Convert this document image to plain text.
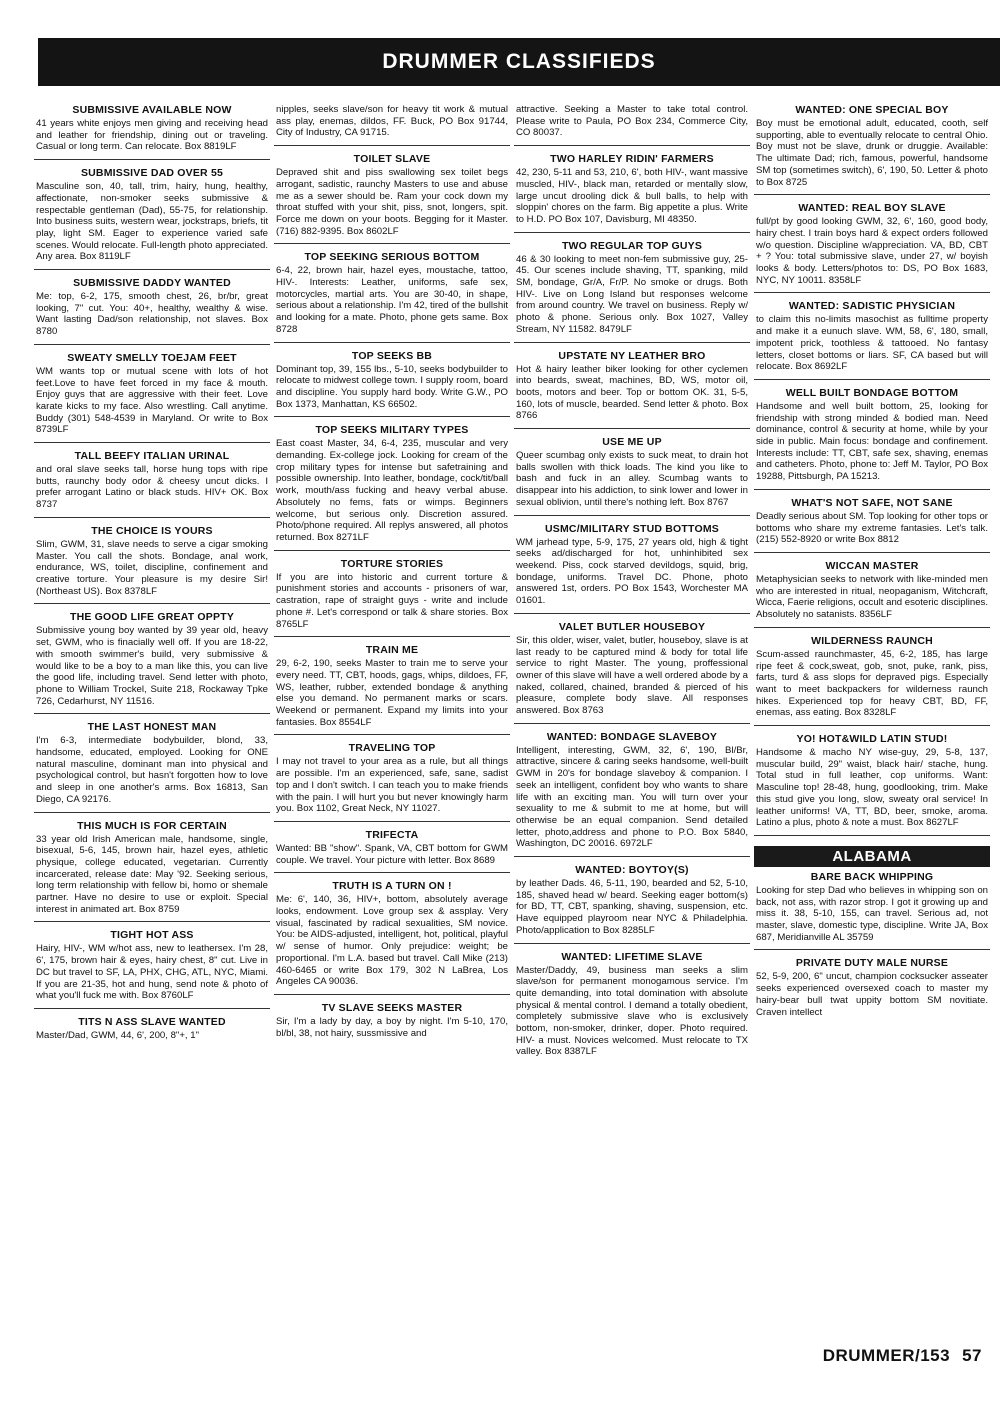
DRUMMER CLASSIFIEDS
SUBMISSIVE AVAILABLE NOW

41 years white enjoys men giving and receiving head and leather for friendship, dining out or traveling. Casual or long term. Can relocate. Box 8819LF

SUBMISSIVE DAD OVER 55

Masculine son, 40, tall, trim, hairy, hung, healthy, affectionate, non-smoker seeks submissive & respectable gentleman (Dad), 55-75, for relationship. Into business suits, western wear, jockstraps, briefs, tit play, light SM. Eager to experience varied safe scenes. Would relocate. Full-length photo appreciated. Any area. Box 8119LF

SUBMISSIVE DADDY WANTED

Me: top, 6-2, 175, smooth chest, 26, br/br, great looking, 7" cut. You: 40+, healthy, wealthy & wise. Want lasting Dad/son relationship, not slaves. Box 8780

SWEATY SMELLY TOEJAM FEET

WM wants top or mutual scene with lots of hot feet.Love to have feet forced in my face & mouth. Enjoy guys that are aggressive with their feet. Love karate kicks to my face. Also wrestling. Call anytime. Buddy (301) 548-4539 in Maryland. Or write to Box 8739LF

TALL BEEFY ITALIAN URINAL

and oral slave seeks tall, horse hung tops with ripe butts, raunchy body odor & cheesy uncut dicks. I prefer arrogant Latino or black studs. HIV+ OK. Box 8737

THE CHOICE IS YOURS

Slim, GWM, 31, slave needs to serve a cigar smoking Master. You call the shots. Bondage, anal work, endurance, WS, toilet, discipline, confinement and creative torture. Your pleasure is my desire Sir! (Northeast US). Box 8378LF

THE GOOD LIFE GREAT OPPTY

Submissive young boy wanted by 39 year old, heavy set, GWM, who is finacially well off. If you are 18-22, with smooth swimmer's build, very submissive & would like to be a boy to a man like this, you can live the good life, including travel. Send letter with photo, phone to William Trockel, Suite 218, Rockaway Tpke 726, Cedarhurst, NY 11516.

THE LAST HONEST MAN

I'm 6-3, intermediate bodybuilder, blond, 33, handsome, educated, employed. Looking for ONE natural masculine, dominant man into physical and psychological control, but hasn't forgotten how to love and sleep in one another's arms. Box 16813, San Diego, CA 92176.

THIS MUCH IS FOR CERTAIN

33 year old Irish American male, handsome, single, bisexual, 5-6, 145, brown hair, hazel eyes, athletic physique, college educated, vegetarian. Currently incarcerated, release date: May '92. Seeking serious, long term relationship with fellow bi, homo or shemale partner. Have no desire to use or exploit. Special interest in animated art. Box 8759

TIGHT HOT ASS

Hairy, HIV-, WM w/hot ass, new to leathersex. I'm 28, 6', 175, brown hair & eyes, hairy chest, 8" cut. Live in DC but travel to SF, LA, PHX, CHG, ATL, NYC, Miami. If you are 21-35, hot and hung, send note & photo of what you'll fuck me with. Box 8760LF

TITS N ASS SLAVE WANTED

Master/Dad, GWM, 44, 6', 200, 8"+, 1"

nipples, seeks slave/son for heavy tit work & mutual ass play, enemas, dildos, FF. Buck, PO Box 91744, City of Industry, CA 91715.

TOILET SLAVE

Depraved shit and piss swallowing sex toilet begs arrogant, sadistic, raunchy Masters to use and abuse me as a sewer should be. Ram your cock down my throat stuffed with your shit, piss, snot, longers, spit. Force me down on your boots. Begging for it Master. (716) 882-9395. Box 8602LF

TOP SEEKING SERIOUS BOTTOM

6-4, 22, brown hair, hazel eyes, moustache, tattoo, HIV-. Interests: Leather, uniforms, safe sex, motorcycles, martial arts. You are 30-40, in shape, serious about a relationship. I'm 42, tired of the bullshit and looking for a mate. Photo, phone gets same. Box 8728

TOP SEEKS BB

Dominant top, 39, 155 lbs., 5-10, seeks bodybuilder to relocate to midwest college town. I supply room, board and discipline. You supply hard body. Write G.W., PO Box 1373, Manhattan, KS 66502.

TOP SEEKS MILITARY TYPES

East coast Master, 34, 6-4, 235, muscular and very demanding. Ex-college jock. Looking for cream of the crop military types for intense but safetraining and possible ownership. Into leather, bondage, cock/tit/ball work, mouth/ass fucking and heavy verbal abuse. Absolutely no fems, fats or wimps. Beginners welcome, but serious only. Discretion assured. Photo/phone required. All replys answered, all photos returned. Box 8271LF

TORTURE STORIES

If you are into historic and current torture & punishment stories and accounts - prisoners of war, castration, rape of straight guys - write and include phone #. Let's correspond or talk & share stories. Box 8765LF

TRAIN ME

29, 6-2, 190, seeks Master to train me to serve your every need. TT, CBT, hoods, gags, whips, dildoes, FF, WS, leather, rubber, extended bondage & anything else you demand. No permanent marks or scars. Weekend or permanent. Expand my limits into your fantasies. Box 8554LF

TRAVELING TOP

I may not travel to your area as a rule, but all things are possible. I'm an experienced, safe, sane, sadist top and I don't switch. I can teach you to make friends with the pain. I will hurt you but never knowingly harm you. Box 1102, Great Neck, NY 11027.

TRIFECTA

Wanted: BB "show". Spank, VA, CBT bottom for GWM couple. We travel. Your picture with letter. Box 8689

TRUTH IS A TURN ON !

Me: 6', 140, 36, HIV+, bottom, absolutely average looks, endowment. Love group sex & assplay. Very visual, fascinated by radical sexualities, SM novice. You: be AIDS-adjusted, intelligent, hot, political, playful w/ sense of humor. Only prejudice: weight; be proportional. I'm L.A. based but travel. Call Mike (213) 460-6465 or write Box 179, 302 N LaBrea, Los Angeles CA 90036.

TV SLAVE SEEKS MASTER

Sir, I'm a lady by day, a boy by night. I'm 5-10, 170, bl/bl, 38, not hairy, sussmissive and

attractive. Seeking a Master to take total control. Please write to Paula, PO Box 234, Commerce City, CO 80037.

TWO HARLEY RIDIN' FARMERS

42, 230, 5-11 and 53, 210, 6', both HIV-, want massive muscled, HIV-, black man, retarded or mentally slow, large uncut drooling dick & bull balls, to help with sloppin' chores on the farm. Big appetite a plus. Write to H.D. PO Box 107, Davisburg, MI 48350.

TWO REGULAR TOP GUYS

46 & 30 looking to meet non-fem submissive guy, 25-45. Our scenes include shaving, TT, spanking, mild SM, bondage, Gr/A, Fr/P. No smoke or drugs. Both HIV-. Live on Long Island but responses welcome from around country. We travel on business. Reply w/ photo & phone. Serious only. Box 1027, Valley Stream, NY 11582. 8479LF

UPSTATE NY LEATHER BRO

Hot & hairy leather biker looking for other cyclemen into beards, sweat, machines, BD, WS, motor oil, boots, motors and beer. Top or bottom OK. 31, 5-5, 160, lots of muscle, bearded. Send letter & photo. Box 8766

USE ME UP

Queer scumbag only exists to suck meat, to drain hot balls swollen with thick loads. The kind you like to bash and fuck in an alley. Scumbag wants to disappear into his addiction, to sink lower and lower in sexual oblivion, until there's nothing left. Box 8767

USMC/MILITARY STUD BOTTOMS

WM jarhead type, 5-9, 175, 27 years old, high & tight seeks ad/discharged for hot, unhinhibited sex weekend. Piss, cock starved devildogs, squid, brig, bondage, uniforms. Travel DC. Phone, photo answered 1st, orders. PO Box 1543, Worchester MA 01601.

VALET BUTLER HOUSEBOY

Sir, this older, wiser, valet, butler, houseboy, slave is at last ready to be captured mind & body for total life service to right Master. The young, proffessional owner of this slave will have a well ordered abode by a naked, collared, chained, branded & pierced of his pleasure, complete body slave. All responses answered. Box 8763

WANTED: BONDAGE SLAVEBOY

Intelligent, interesting, GWM, 32, 6', 190, Bl/Br, attractive, sincere & caring seeks handsome, well-built GWM in 20's for bondage slaveboy & companion. I seek an intelligent, confident boy who wants to share life with an exciting man. You will turn over your sexuality to me & submit to me at home, but will otherwise be an equal companion. Send detailed letter, photo,address and phone to P.O. Box 5840, Washington, DC 20016. 6972LF

WANTED: BOYTOY(S)

by leather Dads. 46, 5-11, 190, bearded and 52, 5-10, 185, shaved head w/ beard. Seeking eager bottom(s) for BD, TT, CBT, spanking, shaving, suspension, etc. Have equipped playroom near NYC & Philadelphia. Photo/application to Box 8285LF

WANTED: LIFETIME SLAVE

Master/Daddy, 49, business man seeks a slim slave/son for permanent monogamous service. I'm quite demanding, into total domination with absolute physical & mental control. I demand a totally obedient, completely submissive slave who is exclusively bottom, non-smoker, drinker, doper. Photo required. HIV- a must. Novices welcomed. Must relocate to TX valley. Box 8387LF

WANTED: ONE SPECIAL BOY

Boy must be emotional adult, educated, cooth, self supporting, able to eventually relocate to central Ohio. Boy must not be slave, drunk or druggie. Available: The ultimate Dad; rich, famous, powerful, handsome SM top (sometimes switch), 6', 190, 50. Letter & photo to Box 8725

WANTED: REAL BOY SLAVE

full/pt by good looking GWM, 32, 6', 160, good body, hairy chest. I train boys hard & expect orders followed w/o question. Discipline w/appreciation. VA, BD, CBT + ? You: total submissive slave, under 27, w/ boyish looks & body. Letters/photos to: DS, PO Box 1683, NYC, NY 10011. 8358LF

WANTED: SADISTIC PHYSICIAN

to claim this no-limits masochist as fulltime property and make it a eunuch slave. WM, 58, 6', 180, small, impotent prick, toothless & tattooed. No fantasy letters, closet bottoms or liars. SF, CA based but will relocate. Box 8692LF

WELL BUILT BONDAGE BOTTOM

Handsome and well built bottom, 25, looking for friendship with strong minded & bodied man. Need dominance, control & security at home, while by your side in public. Main focus: bondage and confinement. Interests include: TT, CBT, safe sex, shaving, enemas and catheters. Photo, phone to: Jeff M. Taylor, PO Box 19288, Pittsburgh, PA 15213.

WHAT'S NOT SAFE, NOT SANE

Deadly serious about SM. Top looking for other tops or bottoms who share my extreme fantasies. Let's talk. (215) 552-8920 or write Box 8812

WICCAN MASTER

Metaphysician seeks to network with like-minded men who are interested in ritual, neopaganism, Witchcraft, Wicca, Faerie religions, occult and esoteric disciplines. Absolutely no satanists. 8356LF

WILDERNESS RAUNCH

Scum-assed raunchmaster, 45, 6-2, 185, has large ripe feet & cock,sweat, gob, snot, puke, rank, piss, farts, turd & ass slops for depraved pigs. Especially want to meet backpackers for wilderness raunch hikes. Experienced top for heavy CBT, BD, FF, enemas, ass eating. Box 8328LF

YO! HOT&WILD LATIN STUD!

Handsome & macho NY wise-guy, 29, 5-8, 137, muscular build, 29" waist, black hair/ stache, hung. Total stud in full leather, cop uniforms. Want: Masculine top! 28-48, hung, goodlooking, trim. Make this stud give you long, slow, sweaty oral service! In leather uniforms! VA, TT, BD, beer, smoke, aroma. Latino a plus, photo & note a must. Box 8627LF

ALABAMA
BARE BACK WHIPPING

Looking for step Dad who believes in whipping son on back, not ass, with razor strop. I got it growing up and miss it. 38, 5-10, 155, can travel. Serious ad, not master, slave, domestic type, discipline. Write JA, Box 687, Meridianville AL 35759

PRIVATE DUTY MALE NURSE

52, 5-9, 200, 6" uncut, champion cocksucker asseater seeks experienced oversexed coach to master my hairy-bear bull twat uppity bottom SM novitiate. Craven intellect

DRUMMER/153 57
